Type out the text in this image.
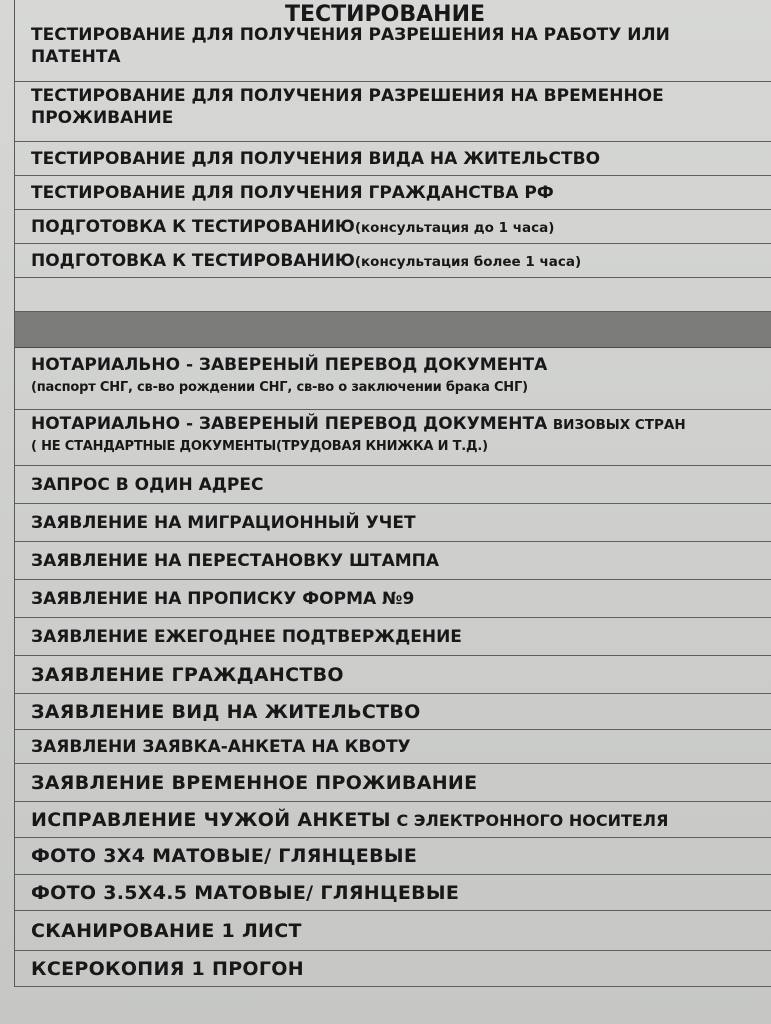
ТЕСТИРОВАНИЕ
ТЕСТИРОВАНИЕ ДЛЯ ПОЛУЧЕНИЯ РАЗРЕШЕНИЯ НА РАБОТУ ИЛИ
ПАТЕНТА
ТЕСТИРОВАНИЕ ДЛЯ ПОЛУЧЕНИЯ РАЗРЕШЕНИЯ НА ВРЕМЕННОЕ
ПРОЖИВАНИЕ
ТЕСТИРОВАНИЕ ДЛЯ ПОЛУЧЕНИЯ ВИДА НА ЖИТЕЛЬСТВО
ТЕСТИРОВАНИЕ ДЛЯ ПОЛУЧЕНИЯ ГРАЖДАНСТВА РФ
ПОДГОТОВКА К ТЕСТИРОВАНИЮ(консультация до 1 часа)
ПОДГОТОВКА К ТЕСТИРОВАНИЮ(консультация более 1 часа)
НОТАРИАЛЬНО - ЗАВЕРЕНЫЙ ПЕРЕВОД ДОКУМЕНТА
(паспорт СНГ, св-во рождении СНГ, св-во о заключении брака СНГ)
НОТАРИАЛЬНО - ЗАВЕРЕНЫЙ ПЕРЕВОД ДОКУМЕНТА ВИЗОВЫХ СТРАН
( НЕ СТАНДАРТНЫЕ ДОКУМЕНТЫ(ТРУДОВАЯ КНИЖКА И Т.Д.)
ЗАПРОС В ОДИН АДРЕС
ЗАЯВЛЕНИЕ НА МИГРАЦИОННЫЙ УЧЕТ
ЗАЯВЛЕНИЕ НА ПЕРЕСТАНОВКУ ШТАМПА
ЗАЯВЛЕНИЕ НА ПРОПИСКУ ФОРМА №9
ЗАЯВЛЕНИЕ ЕЖЕГОДНЕЕ ПОДТВЕРЖДЕНИЕ
ЗАЯВЛЕНИЕ ГРАЖДАНСТВО
ЗАЯВЛЕНИЕ ВИД НА ЖИТЕЛЬСТВО
ЗАЯВЛЕНИ ЗАЯВКА-АНКЕТА НА КВОТУ
ЗАЯВЛЕНИЕ ВРЕМЕННОЕ ПРОЖИВАНИЕ
ИСПРАВЛЕНИЕ ЧУЖОЙ АНКЕТЫ С ЭЛЕКТРОННОГО НОСИТЕЛЯ
ФОТО 3Х4 МАТОВЫЕ/ ГЛЯНЦЕВЫЕ
ФОТО 3.5Х4.5 МАТОВЫЕ/ ГЛЯНЦЕВЫЕ
СКАНИРОВАНИЕ 1 ЛИСТ
КСЕРОКОПИЯ 1 ПРОГОН
